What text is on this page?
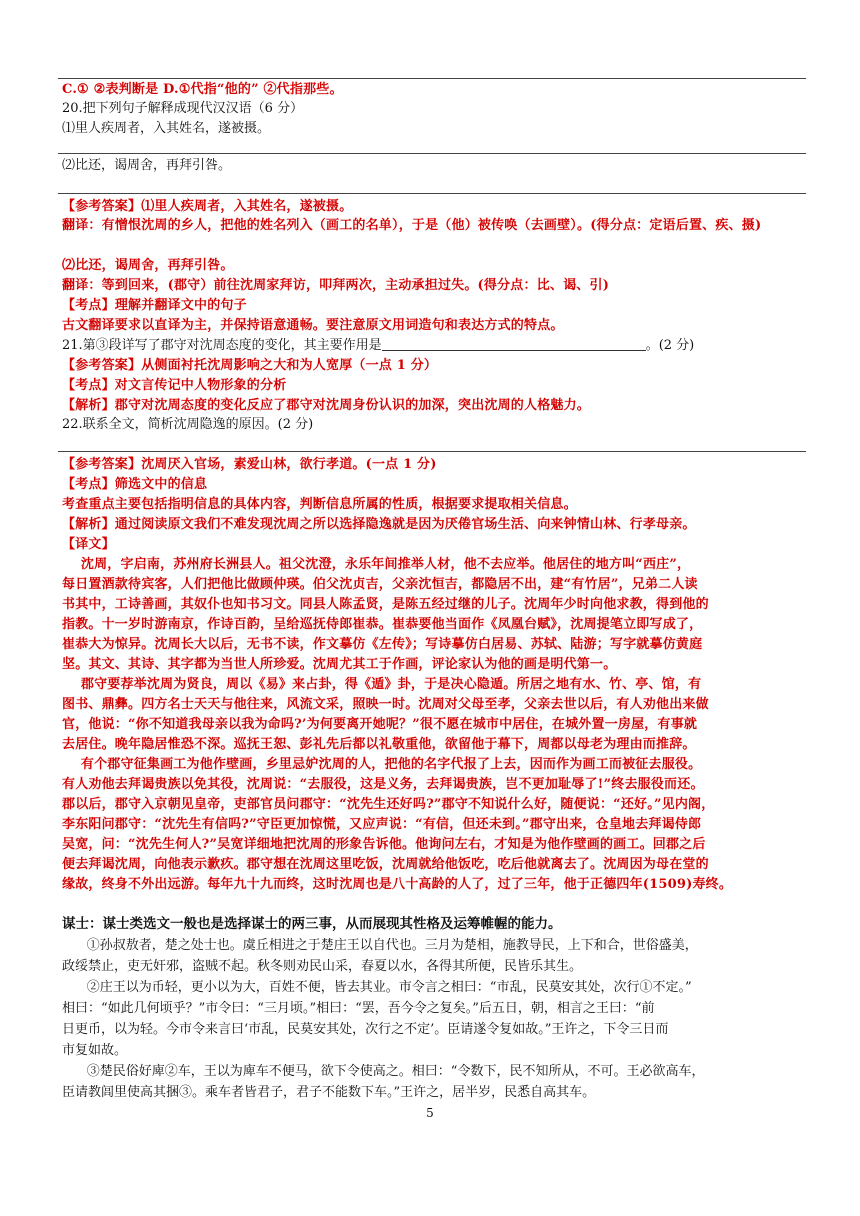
C.① ②表判断是 D.①代指“他的” ②代指那些。
20.把下列句子解释成现代汉汉语（6 分）
⑴里人疾周者，入其姓名，遂被摄。
⑵比还，谒周舍，再拜引咎。
【参考答案】⑴里人疾周者，入其姓名，遂被摄。
翻译：有憎恨沈周的乡人，把他的姓名列入（画工的名单），于是（他）被传唤（去画壁）。(得分点：定语后置、疾、摄)
⑵比还，谒周舍，再拜引咎。
翻译：等到回来，(郡守）前往沈周家拜访，叩拜两次，主动承担过失。(得分点：比、谒、引)
【考点】理解并翻译文中的句子
古文翻译要求以直译为主，并保持语意通畅。要注意原文用词造句和表达方式的特点。
21.第③段详写了郡守对沈周态度的变化，其主要作用是	。(2 分)
【参考答案】从侧面衬托沈周影响之大和为人宽厚（一点 1 分）
【考点】对文言传记中人物形象的分析
【解析】郡守对沈周态度的变化反应了郡守对沈周身份认识的加深，突出沈周的人格魅力。
22.联系全文，简析沈周隐逸的原因。(2 分)
【参考答案】沈周厌入官场，素爱山林，欲行孝道。(一点 1 分)
【考点】筛选文中的信息
考查重点主要包括指明信息的具体内容，判断信息所属的性质，根据要求提取相关信息。
【解析】通过阅读原文我们不难发现沈周之所以选择隐逸就是因为厌倦官场生活、向来钟情山林、行孝母亲。
【译文】
沈周，字启南，苏州府长洲县人。祖父沈澄，永乐年间推举人材，他不去应举。他居住的地方叫“西庄”，
每日置酒款待宾客，人们把他比做顾仲瑛。伯父沈贞吉，父亲沈恒吉，都隐居不出，建“有竹居”，兄弟二人读
书其中，工诗善画，其奴仆也知书习文。同县人陈孟贤，是陈五经过继的儿子。沈周年少时向他求教，得到他的
指教。十一岁时游南京，作诗百韵，呈给巡抚侍郎崔恭。崔恭要他当面作《凤凰台赋》，沈周提笔立即写成了，
崔恭大为惊异。沈周长大以后，无书不读，作文摹仿《左传》；写诗摹仿白居易、苏轼、陆游；写字就摹仿黄庭
坚。其文、其诗、其字都为当世人所珍爱。沈周尤其工于作画，评论家认为他的画是明代第一。
郡守要荐举沈周为贤良，周以《易》来占卦，得《遁》卦，于是决心隐遁。所居之地有水、竹、亭、馆，有
图书、鼎彝。四方名士天天与他往来，风流文采，照映一时。沈周对父母至孝，父亲去世以后，有人劝他出来做
官，他说：“你不知道我母亲以我为命吗?’为何要离开她呢？”很不愿在城市中居住，在城外置一房屋，有事就
去居住。晚年隐居惟恐不深。巡抚王恕、彭礼先后都以礼敬重他，欲留他于幕下，周都以母老为理由而推辞。
有个郡守征集画工为他作壁画，乡里忌妒沈周的人，把他的名字代报了上去，因而作为画工而被征去服役。
有人劝他去拜谒贵族以免其役，沈周说：“去服役，这是义务，去拜谒贵族，岂不更加耻辱了!”终去服役而还。
郡以后，郡守入京朝见皇帝，吏部官员问郡守：“沈先生还好吗?”郡守不知说什么好，随便说：“还好。”见内阁，
李东阳问郡守：“沈先生有信吗?”守臣更加惊慌，又应声说：“有信，但还未到。”郡守出来，仓皇地去拜谒侍郎
吴宽，问：“沈先生何人?”吴宽详细地把沈周的形象告诉他。他询问左右，才知是为他作壁画的画工。回郡之后
便去拜谒沈周，向他表示歉疚。郡守想在沈周这里吃饭，沈周就给他饭吃，吃后他就离去了。沈周因为母在堂的
缘故，终身不外出远游。每年九十九而终，这时沈周也是八十高龄的人了，过了三年，他于正德四年(1509)寿终。
谋士：谋士类选文一般也是选择谋士的两三事，从而展现其性格及运筹帷幄的能力。
①孙叔敖者，楚之处士也。虞丘相进之于楚庄王以自代也。三月为楚相，施教导民，上下和合，世俗盛美，
政绥禁止，吏无奸邪，盗贼不起。秋冬则劝民山采，春夏以水，各得其所便，民皆乐其生。
②庄王以为币轻，更小以为大，百姓不便，皆去其业。市令言之相曰：“市乱，民莫安其处，次行①不定。”
相曰：“如此几何顷乎？”市令曰：“三月顷。”相曰：“罢，吾今令之复矣。”后五日，朝，相言之王曰：“前
日更币，以为轻。今市令来言曰‘市乱，民莫安其处，次行之不定’。臣请遂令复如故。”王许之，下令三日而
市复如故。
③楚民俗好庳②车，王以为庳车不便马，欲下令使高之。相曰：“令数下，民不知所从，不可。王必欲高车，
臣请教闾里使高其捆③。乘车者皆君子，君子不能数下车。”王许之，居半岁，民悉自高其车。
5
